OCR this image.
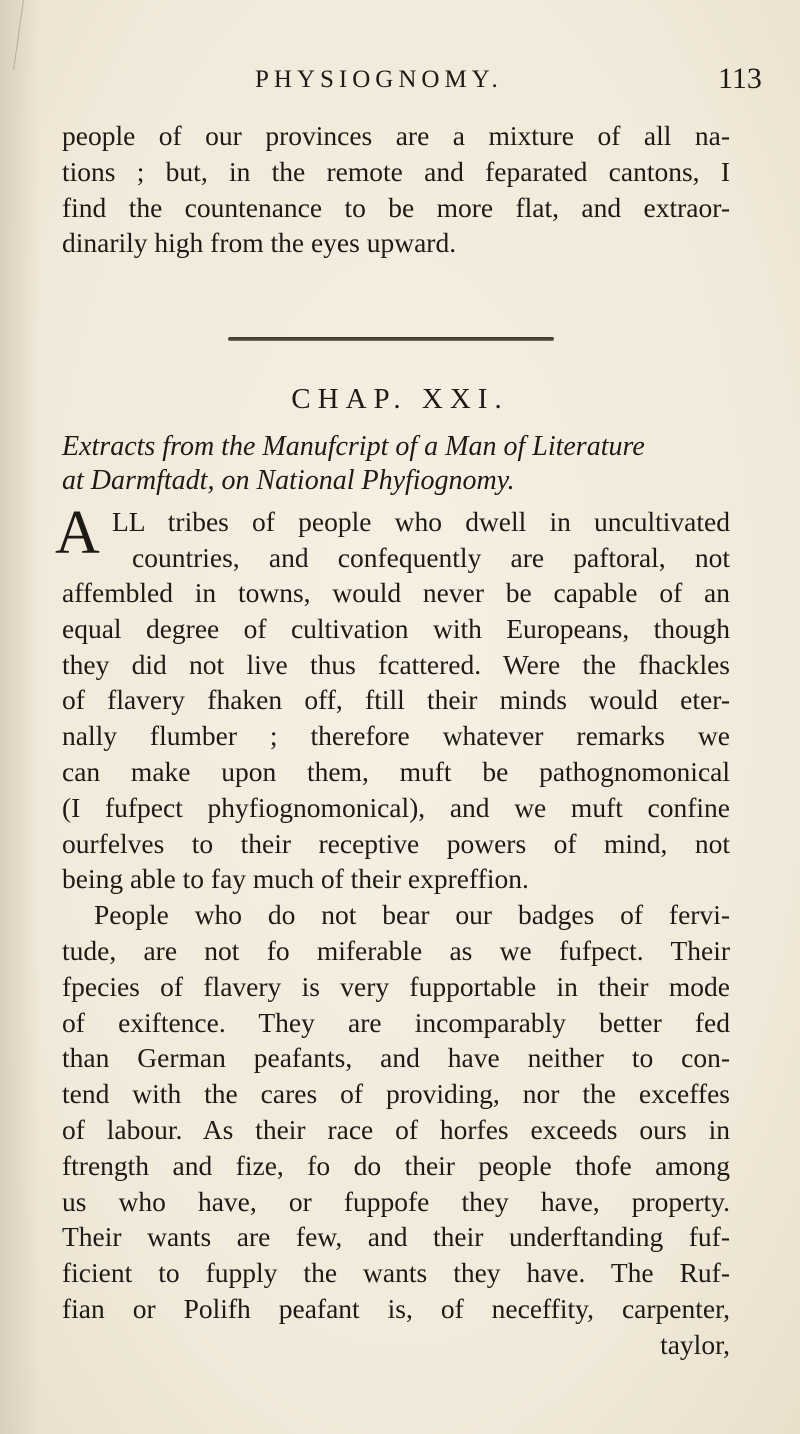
PHYSIOGNOMY.	113
people of our provinces are a mixture of all na-
tions ; but, in the remote and feparated cantons, I
find the countenance to be more flat, and extraor-
dinarily high from the eyes upward.
CHAP. XXI.
Extracts from the Manufcript of a Man of Literature
at Darmftadt, on National Phyfiognomy.
A LL tribes of people who dwell in uncultivated
countries, and confequently are paftoral, not
affembled in towns, would never be capable of an
equal degree of cultivation with Europeans, though
they did not live thus fcattered. Were the fhackles
of flavery fhaken off, ftill their minds would eter-
nally flumber ; therefore whatever remarks we
can make upon them, muft be pathognomonical
(I fufpect phyfiognomonical), and we muft confine
ourfelves to their receptive powers of mind, not
being able to fay much of their expreffion.
People who do not bear our badges of fervi-
tude, are not fo miferable as we fufpect. Their
fpecies of flavery is very fupportable in their mode
of exiftence. They are incomparably better fed
than German peafants, and have neither to con-
tend with the cares of providing, nor the exceffes
of labour. As their race of horfes exceeds ours in
ftrength and fize, fo do their people thofe among
us who have, or fuppofe they have, property.
Their wants are few, and their underftanding fuf-
ficient to fupply the wants they have. The Ruf-
fian or Polifh peafant is, of neceffity, carpenter,
taylor,
